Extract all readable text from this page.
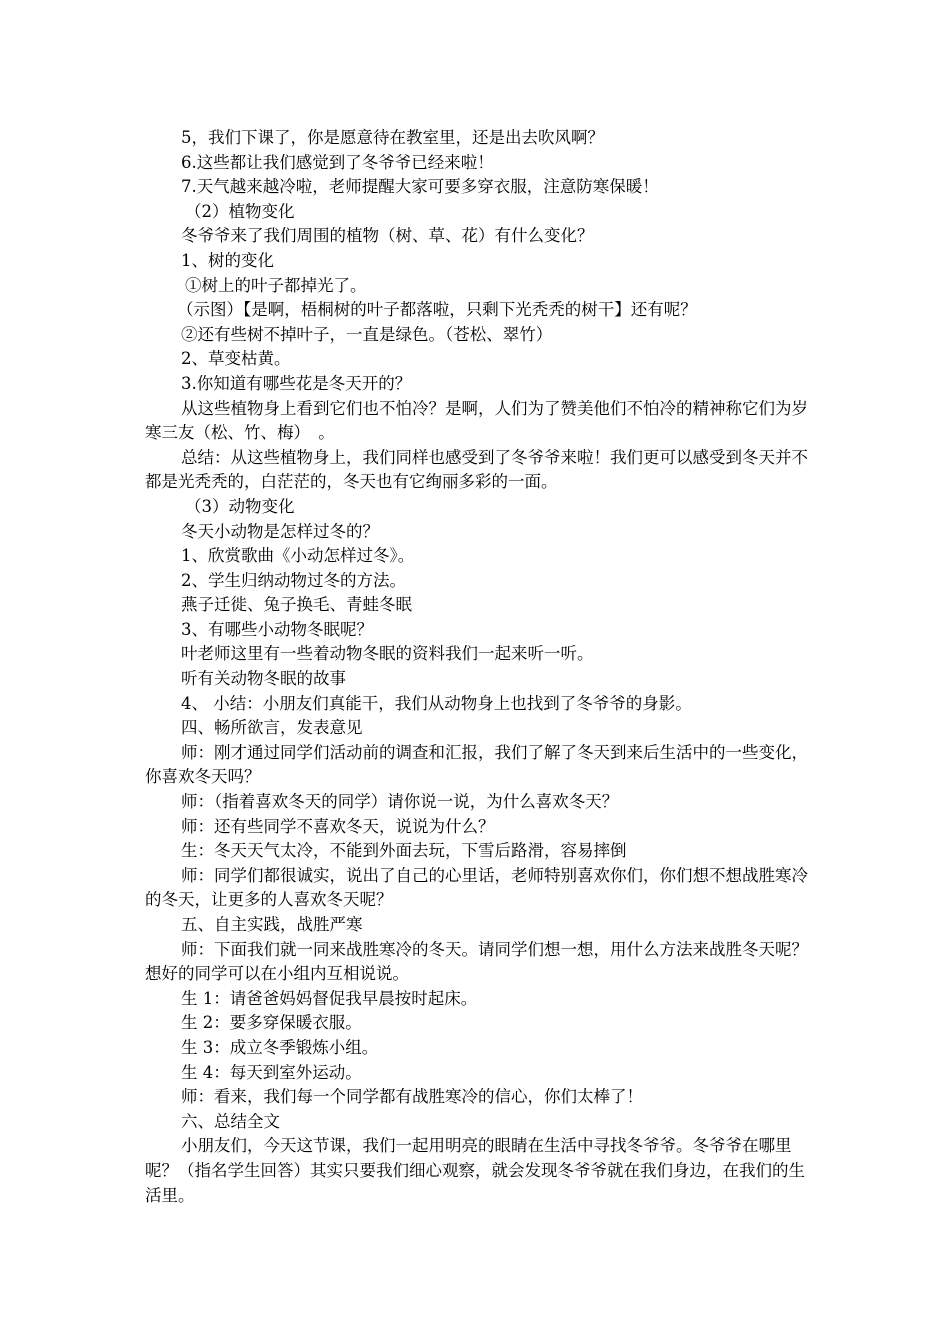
5，我们下课了，你是愿意待在教室里，还是出去吹风啊？

6.这些都让我们感觉到了冬爷爷已经来啦！

7.天气越来越冷啦，老师提醒大家可要多穿衣服，注意防寒保暖！

（2）植物变化

冬爷爷来了我们周围的植物（树、草、花）有什么变化？

1、树的变化

①树上的叶子都掉光了。

（示图）【是啊，梧桐树的叶子都落啦，只剩下光秃秃的树干】还有呢？

②还有些树不掉叶子，一直是绿色。（苍松、翠竹）

2、草变枯黄。

3.你知道有哪些花是冬天开的？

从这些植物身上看到它们也不怕冷？是啊，人们为了赞美他们不怕冷的精神称它们为岁寒三友（松、竹、梅）　。

总结：从这些植物身上，我们同样也感受到了冬爷爷来啦！我们更可以感受到冬天并不都是光秃秃的，白茫茫的，冬天也有它绚丽多彩的一面。

（3）动物变化

冬天小动物是怎样过冬的？

1、欣赏歌曲《小动怎样过冬》。

2、学生归纳动物过冬的方法。

燕子迁徙、兔子换毛、青蛙冬眠

3、有哪些小动物冬眠呢？

叶老师这里有一些着动物冬眠的资料我们一起来听一听。

听有关动物冬眠的故事

4、 小结：小朋友们真能干，我们从动物身上也找到了冬爷爷的身影。

四、畅所欲言，发表意见

师：刚才通过同学们活动前的调查和汇报，我们了解了冬天到来后生活中的一些变化，你喜欢冬天吗？

师：（指着喜欢冬天的同学）请你说一说，为什么喜欢冬天？

师：还有些同学不喜欢冬天，说说为什么？

生：冬天天气太冷，不能到外面去玩，下雪后路滑，容易摔倒

师：同学们都很诚实，说出了自己的心里话，老师特别喜欢你们，你们想不想战胜寒冷的冬天，让更多的人喜欢冬天呢？

五、自主实践，战胜严寒

师：下面我们就一同来战胜寒冷的冬天。请同学们想一想，用什么方法来战胜冬天呢？想好的同学可以在小组内互相说说。

生 1：请爸爸妈妈督促我早晨按时起床。

生 2：要多穿保暖衣服。

生 3：成立冬季锻炼小组。

生 4：每天到室外运动。

师：看来，我们每一个同学都有战胜寒冷的信心，你们太棒了！

六、总结全文

小朋友们，今天这节课，我们一起用明亮的眼睛在生活中寻找冬爷爷。冬爷爷在哪里呢？（指名学生回答）其实只要我们细心观察，就会发现冬爷爷就在我们身边，在我们的生活里。
